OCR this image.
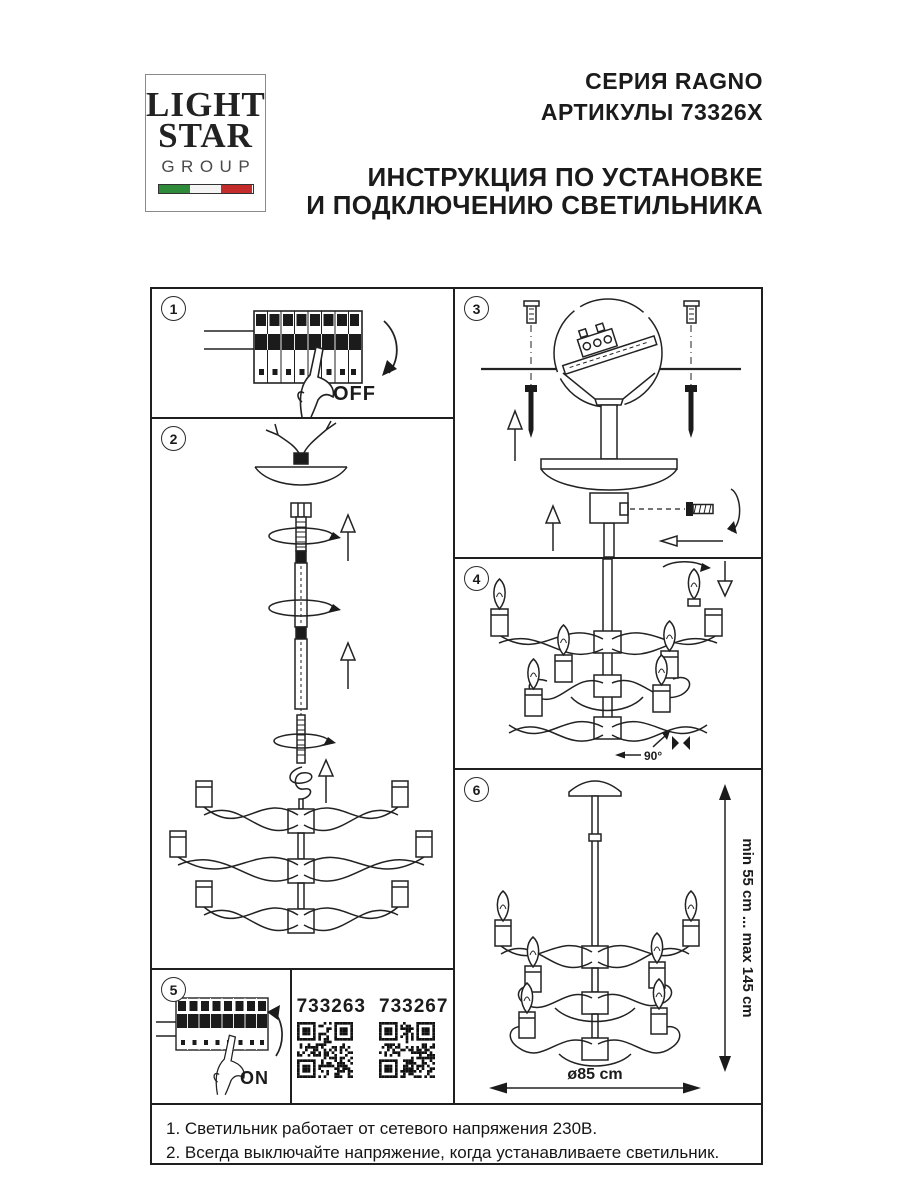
LIGHT
STAR
GROUP
СЕРИЯ RAGNO
АРТИКУЛЫ 73326X
ИНСТРУКЦИЯ ПО УСТАНОВКЕ
И ПОДКЛЮЧЕНИЮ СВЕТИЛЬНИКА
1
OFF
2
3
4
90°
6
min 55 cm ... max 145 cm
ø85 cm
5
ON
733263 733267
1. Светильник работает от сетевого напряжения 230В.
2. Всегда выключайте напряжение, когда устанавливаете светильник.
